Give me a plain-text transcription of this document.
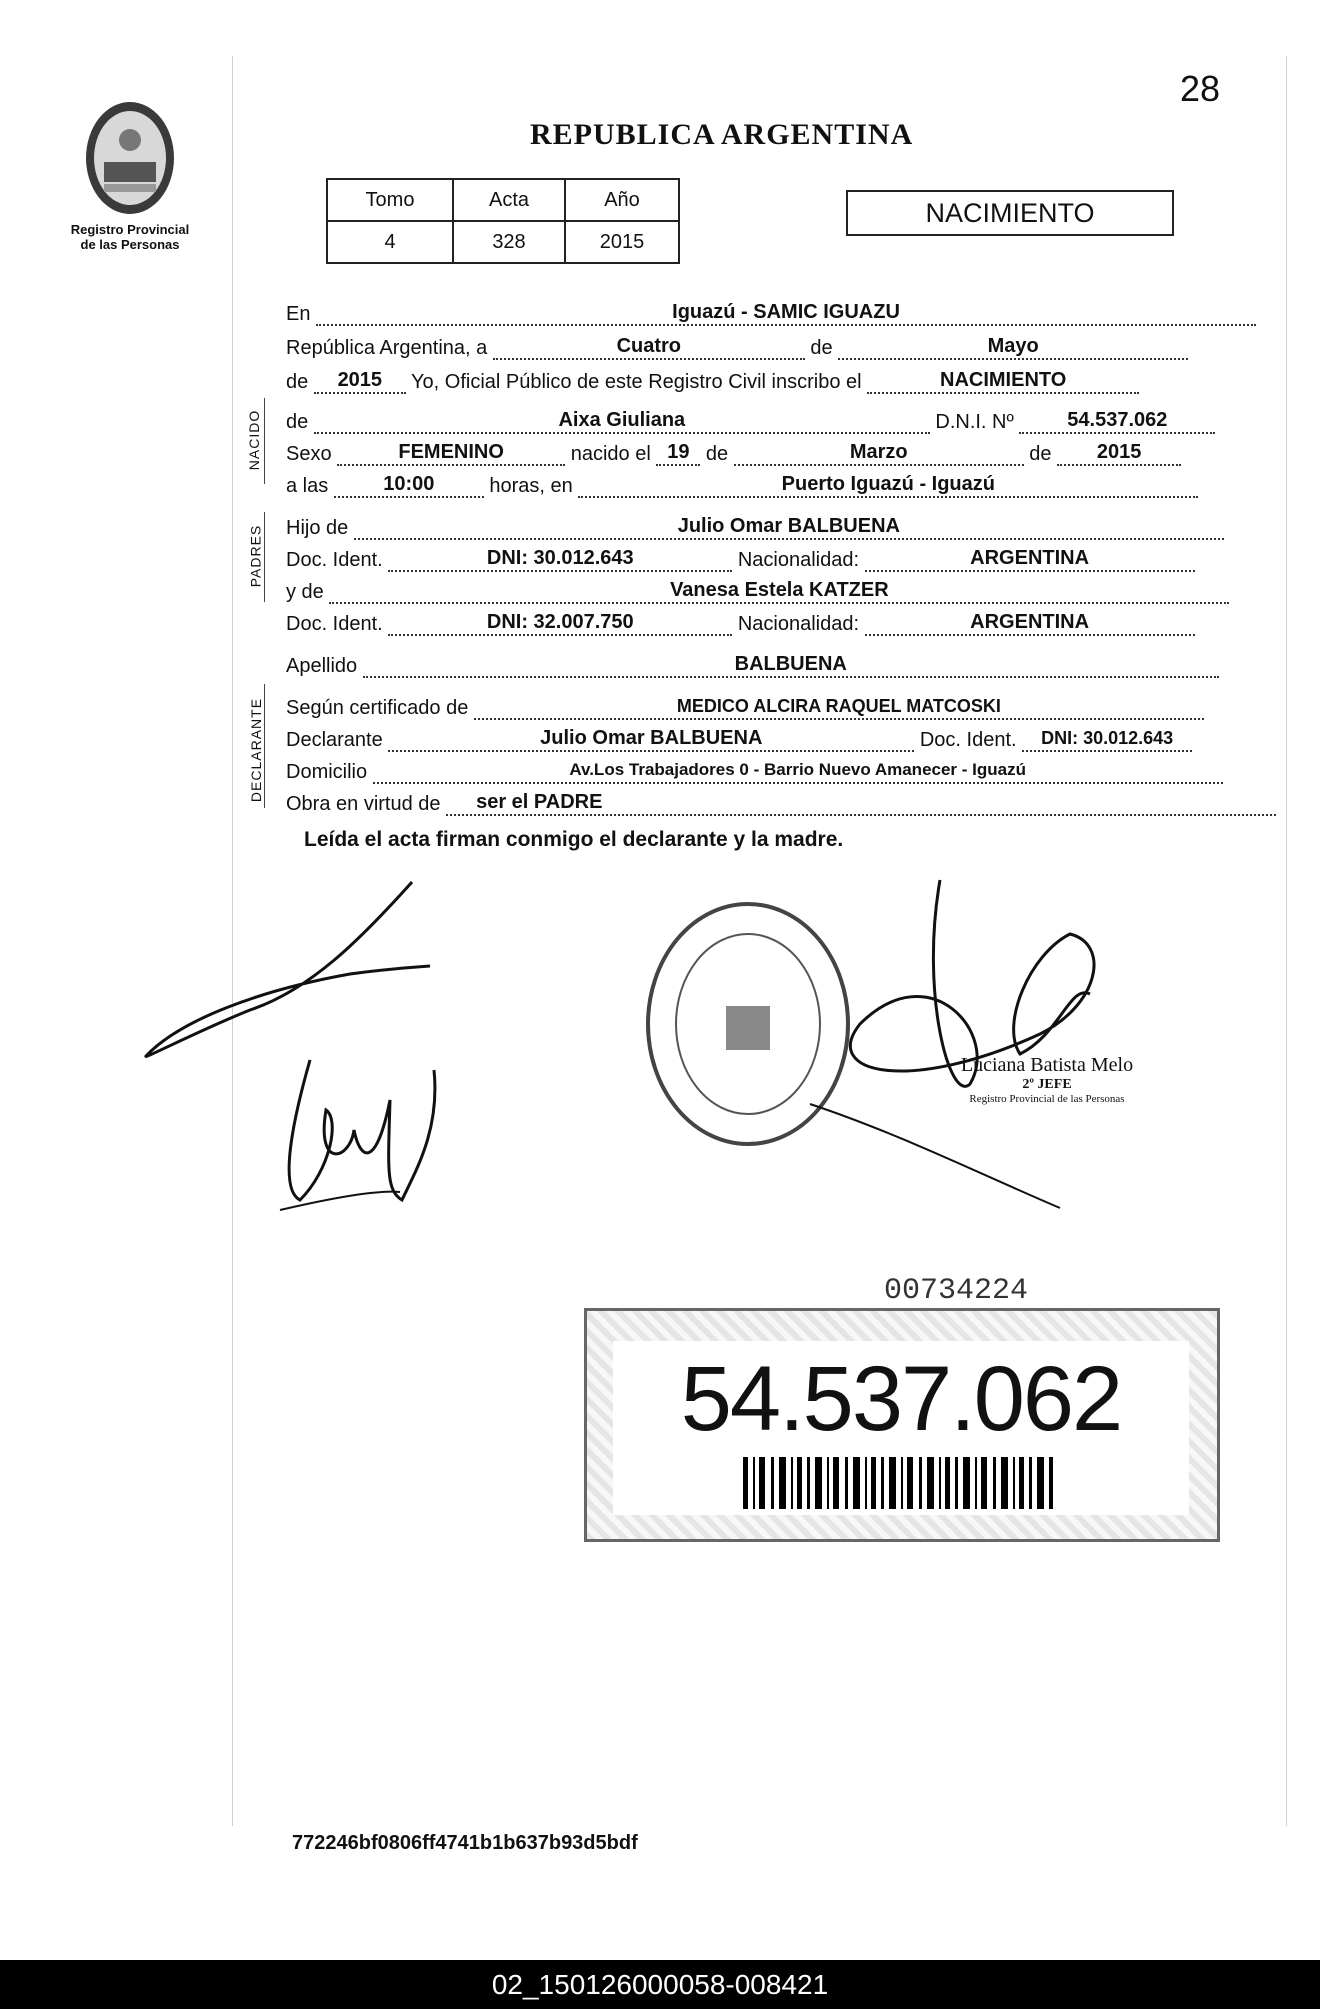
28
Registro Provincial
de las Personas
REPUBLICA ARGENTINA
Tomo	Acta	Año
4	328	2015
NACIMIENTO
NACIDO
PADRES
DECLARANTE
En	Iguazú - SAMIC IGUAZU
República Argentina, a	Cuatro	de	Mayo
de 2015 Yo, Oficial Público de este Registro Civil inscribo el	NACIMIENTO
de	Aixa Giuliana	D.N.I. Nº	54.537.062
Sexo	FEMENINO	nacido el 19 de	Marzo	de 2015
a las	10:00	horas, en	Puerto Iguazú - Iguazú
Hijo de	Julio Omar BALBUENA
Doc. Ident.	DNI: 30.012.643	Nacionalidad:	ARGENTINA
y de	Vanesa Estela KATZER
Doc. Ident.	DNI: 32.007.750	Nacionalidad:	ARGENTINA
Apellido	BALBUENA
Según certificado de	MEDICO ALCIRA RAQUEL MATCOSKI
Declarante	Julio Omar BALBUENA	Doc. Ident. DNI: 30.012.643
Domicilio	Av.Los Trabajadores 0 - Barrio Nuevo Amanecer - Iguazú
Obra en virtud de ser el PADRE
Leída el acta firman conmigo el declarante y la madre.
Luciana Batista Melo
2º JEFE
Registro Provincial de las Personas
00734224
54.537.062
772246bf0806ff4741b1b637b93d5bdf
02_150126000058-008421
